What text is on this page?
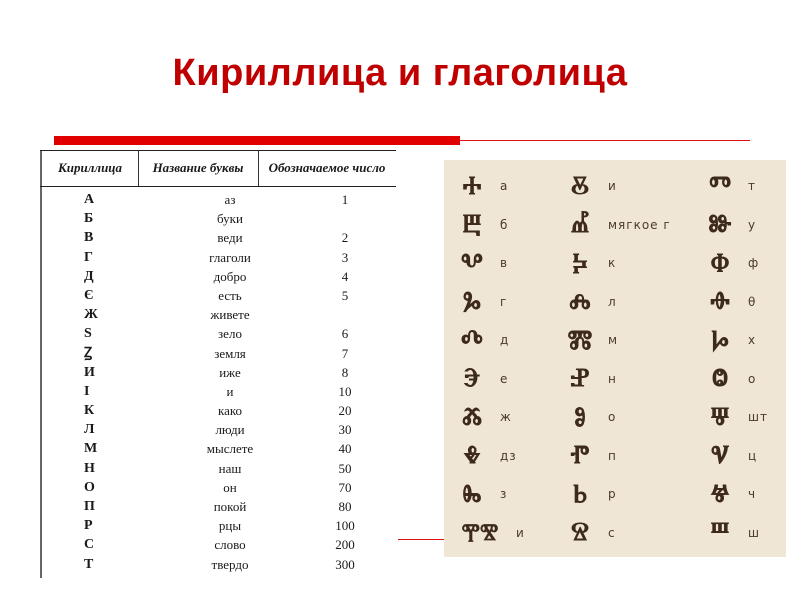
Кириллица и глаголица
Кириллица	Название буквы	Обозначаемое число
А	аз	1
Б	буки
В	веди	2
Г	глаголи	3
Д	добро	4
Є	есть	5
Ж	живете
Ѕ	зело	6
Ꙁ	земля	7
И	иже	8
І	и	10
К	како	20
Л	люди	30
М	мыслете	40
Н	наш	50
О	он	70
П	покой	80
Р	рцы	100
С	слово	200
Т	твердо	300
Ⰰ	а
Ⰱ	б
Ⰲ	в
Ⰳ	г
Ⰴ	д
Ⰵ	е
Ⰶ	ж
Ⰷ	дз
Ⰸ	з
ⰉⰊ	и
Ⰻ	и
Ⰼ	мягкое г
Ⰽ	к
Ⰾ	л
Ⰿ	м
Ⱀ	н
Ⱁ	о
Ⱂ	п
Ⱃ	р
Ⱄ	с
Ⱅ	т
Ⱆ	у
Ⱇ	ф
Ⱚ	θ
Ⱈ	х
Ⱉ	о
Ⱋ	шт
Ⱌ	ц
Ⱍ	ч
Ⱎ	ш
